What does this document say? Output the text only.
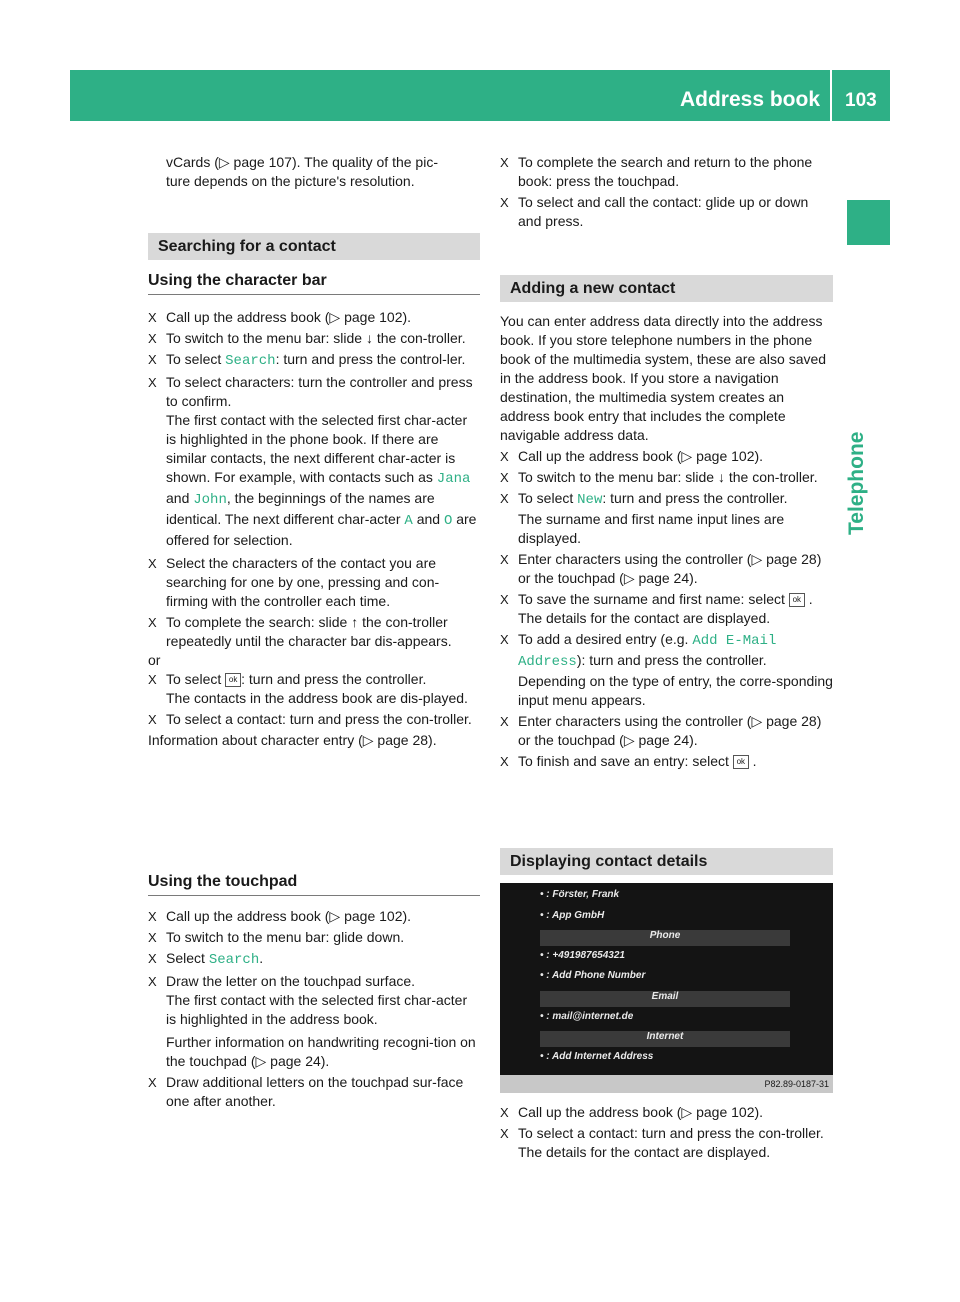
Address book 103
Telephone
vCards (▷ page 107). The quality of the pic-
ture depends on the picture's resolution.
Searching for a contact
Using the character bar
X Call up the address book (▷ page 102).
X To switch to the menu bar: slide ↓ the con-troller.
X To select Search: turn and press the control-ler.
X To select characters: turn the controller and press to confirm.
The first contact with the selected first char-acter is highlighted in the phone book. If there are similar contacts, the next different char-acter is shown. For example, with contacts such as Jana and John, the beginnings of the names are identical. The next different char-acter A and O are offered for selection.
X Select the characters of the contact you are searching for one by one, pressing and con-firming with the controller each time.
X To complete the search: slide ↑ the con-troller repeatedly until the character bar dis-appears.
or
X To select ok : turn and press the controller.
The contacts in the address book are dis-played.
X To select a contact: turn and press the con-troller.
Information about character entry (▷ page 28).
Using the touchpad
X Call up the address book (▷ page 102).
X To switch to the menu bar: glide down.
X Select Search.
X Draw the letter on the touchpad surface.
The first contact with the selected first char-acter is highlighted in the address book.
Further information on handwriting recogni-tion on the touchpad (▷ page 24).
X Draw additional letters on the touchpad sur-face one after another.
X To complete the search and return to the phone book: press the touchpad.
X To select and call the contact: glide up or down and press.
Adding a new contact
You can enter address data directly into the address book. If you store telephone numbers in the phone book of the multimedia system, these are also saved in the address book. If you store a navigation destination, the multimedia system creates an address book entry that includes the complete navigable address data.
X Call up the address book (▷ page 102).
X To switch to the menu bar: slide ↓ the con-troller.
X To select New: turn and press the controller.
The surname and first name input lines are displayed.
X Enter characters using the controller (▷ page 28) or the touchpad (▷ page 24).
X To save the surname and first name: select ok .
The details for the contact are displayed.
X To add a desired entry (e.g. Add E-Mail Address): turn and press the controller.
Depending on the type of entry, the corre-sponding input menu appears.
X Enter characters using the controller (▷ page 28) or the touchpad (▷ page 24).
X To finish and save an entry: select ok .
Displaying contact details
• : Förster, Frank
• : App GmbH
Phone
• : +491987654321
• : Add Phone Number
Email
• : mail@internet.de
Internet
• : Add Internet Address
P82.89-0187-31
X Call up the address book (▷ page 102).
X To select a contact: turn and press the con-troller.
The details for the contact are displayed.
